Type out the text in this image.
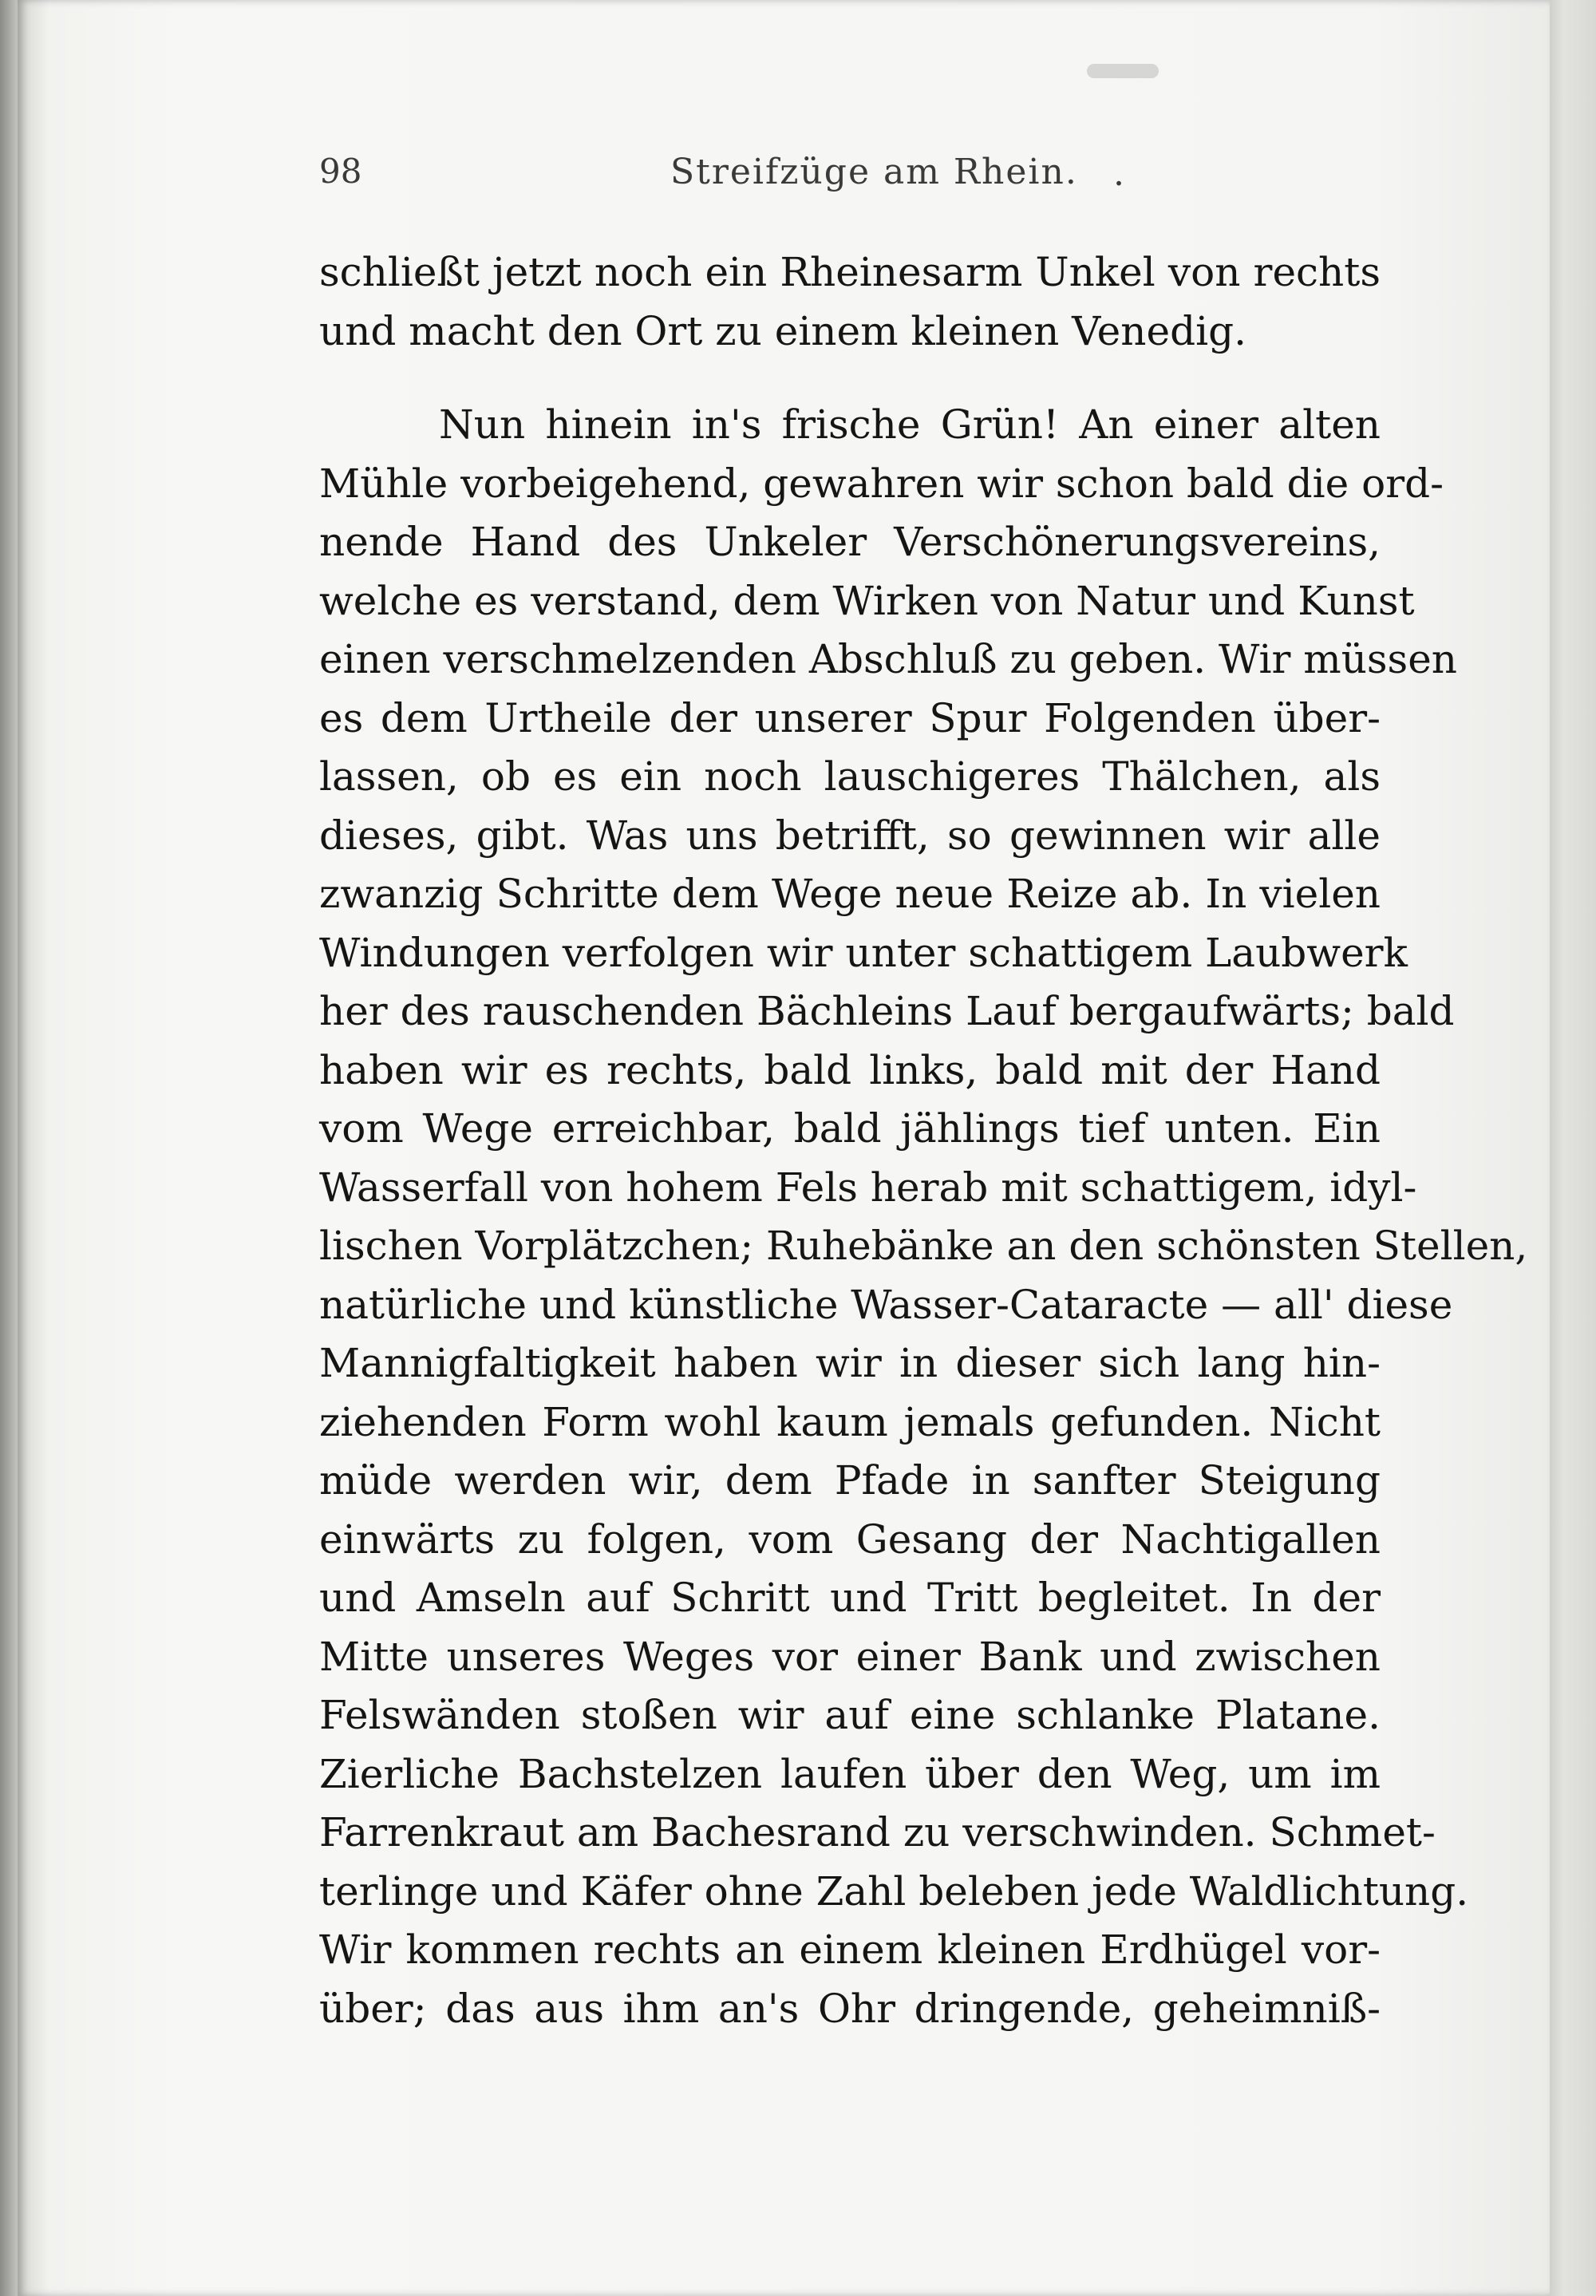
98	Streifzüge am Rhein. .
schließt jetzt noch ein Rheinesarm Unkel von rechts
und macht den Ort zu einem kleinen Venedig.
Nun hinein in's frische Grün! An einer alten
Mühle vorbeigehend, gewahren wir schon bald die ord-
nende Hand des Unkeler Verschönerungsvereins,
welche es verstand, dem Wirken von Natur und Kunst
einen verschmelzenden Abschluß zu geben. Wir müssen
es dem Urtheile der unserer Spur Folgenden über-
lassen, ob es ein noch lauschigeres Thälchen, als
dieses, gibt. Was uns betrifft, so gewinnen wir alle
zwanzig Schritte dem Wege neue Reize ab. In vielen
Windungen verfolgen wir unter schattigem Laubwerk
her des rauschenden Bächleins Lauf bergaufwärts; bald
haben wir es rechts, bald links, bald mit der Hand
vom Wege erreichbar, bald jählings tief unten. Ein
Wasserfall von hohem Fels herab mit schattigem, idyl-
lischen Vorplätzchen; Ruhebänke an den schönsten Stellen,
natürliche und künstliche Wasser-Cataracte — all' diese
Mannigfaltigkeit haben wir in dieser sich lang hin-
ziehenden Form wohl kaum jemals gefunden. Nicht
müde werden wir, dem Pfade in sanfter Steigung
einwärts zu folgen, vom Gesang der Nachtigallen
und Amseln auf Schritt und Tritt begleitet. In der
Mitte unseres Weges vor einer Bank und zwischen
Felswänden stoßen wir auf eine schlanke Platane.
Zierliche Bachstelzen laufen über den Weg, um im
Farrenkraut am Bachesrand zu verschwinden. Schmet-
terlinge und Käfer ohne Zahl beleben jede Waldlichtung.
Wir kommen rechts an einem kleinen Erdhügel vor-
über; das aus ihm an's Ohr dringende, geheimniß-
